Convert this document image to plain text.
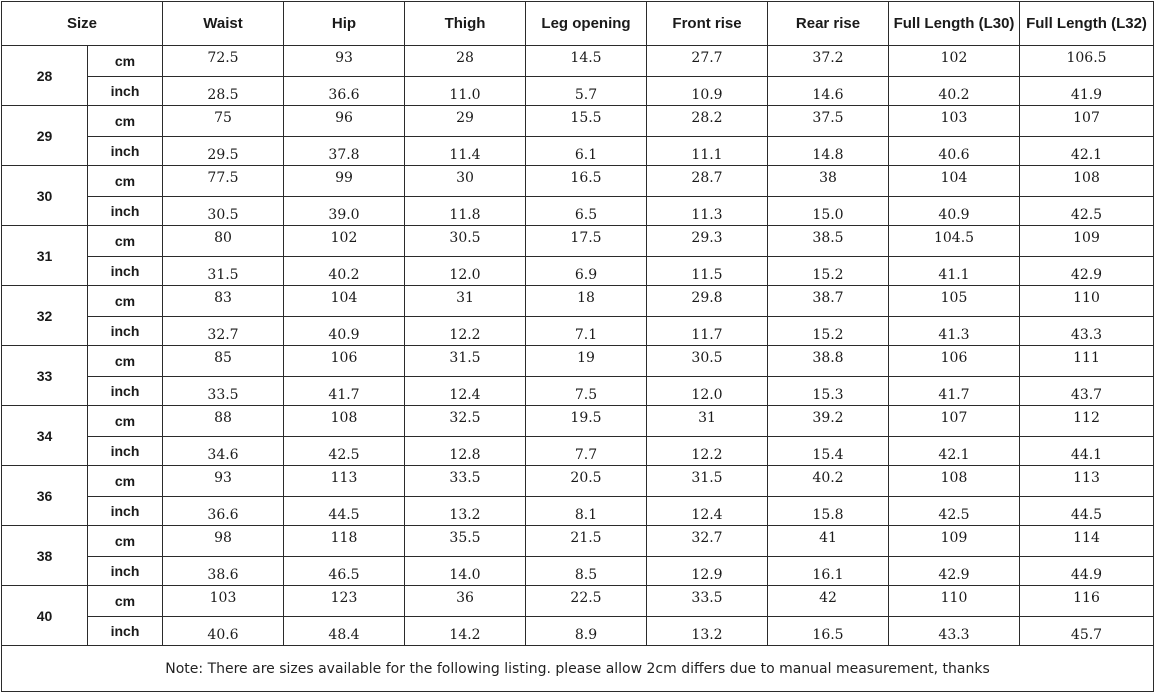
Size		Waist	Hip	Thigh	Leg opening	Front rise	Rear rise	Full Length (L30)	Full Length (L32)
28	cm	72.5	93	28	14.5	27.7	37.2	102	106.5
	inch	28.5	36.6	11.0	5.7	10.9	14.6	40.2	41.9
29	cm	75	96	29	15.5	28.2	37.5	103	107
	inch	29.5	37.8	11.4	6.1	11.1	14.8	40.6	42.1
30	cm	77.5	99	30	16.5	28.7	38	104	108
	inch	30.5	39.0	11.8	6.5	11.3	15.0	40.9	42.5
31	cm	80	102	30.5	17.5	29.3	38.5	104.5	109
	inch	31.5	40.2	12.0	6.9	11.5	15.2	41.1	42.9
32	cm	83	104	31	18	29.8	38.7	105	110
	inch	32.7	40.9	12.2	7.1	11.7	15.2	41.3	43.3
33	cm	85	106	31.5	19	30.5	38.8	106	111
	inch	33.5	41.7	12.4	7.5	12.0	15.3	41.7	43.7
34	cm	88	108	32.5	19.5	31	39.2	107	112
	inch	34.6	42.5	12.8	7.7	12.2	15.4	42.1	44.1
36	cm	93	113	33.5	20.5	31.5	40.2	108	113
	inch	36.6	44.5	13.2	8.1	12.4	15.8	42.5	44.5
38	cm	98	118	35.5	21.5	32.7	41	109	114
	inch	38.6	46.5	14.0	8.5	12.9	16.1	42.9	44.9
40	cm	103	123	36	22.5	33.5	42	110	116
	inch	40.6	48.4	14.2	8.9	13.2	16.5	43.3	45.7
Note: There are sizes available for the following listing. please allow 2cm differs due to manual measurement, thanks									
